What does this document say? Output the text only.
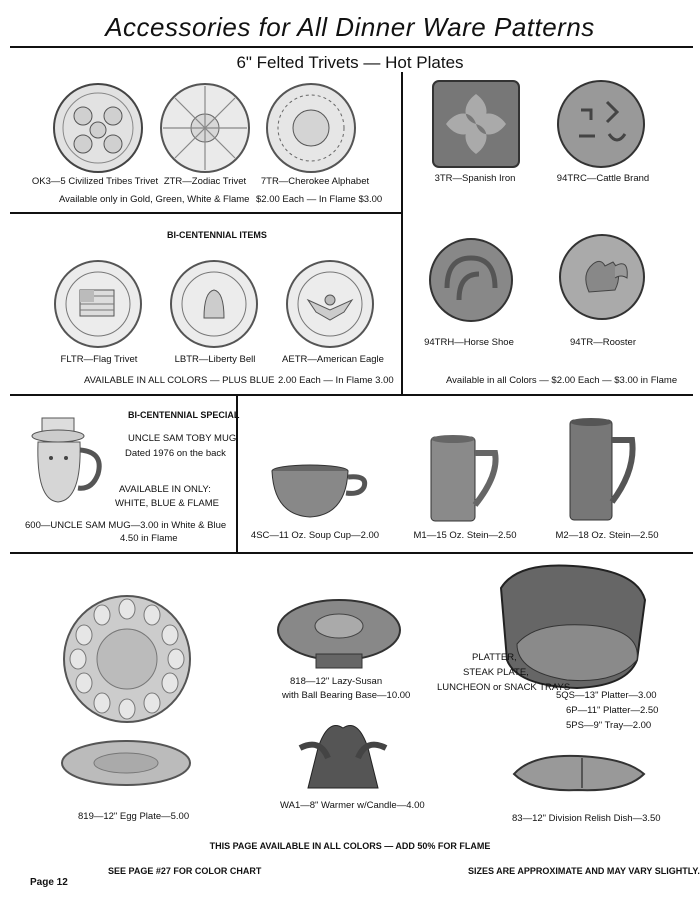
Accessories for All Dinner Ware Patterns
6" Felted Trivets — Hot Plates
OK3—5 Civilized Tribes Trivet ZTR—Zodiac Trivet	7TR—Cherokee Alphabet
Available only in Gold, Green, White & Flame $2.00 Each — In Flame $3.00
BI-CENTENNIAL ITEMS
FLTR—Flag Trivet	LBTR—Liberty Bell	AETR—American Eagle
AVAILABLE IN ALL COLORS — PLUS BLUE 2.00 Each — In Flame 3.00
3TR—Spanish Iron	94TRC—Cattle Brand
94TRH—Horse Shoe	94TR—Rooster
Available in all Colors — $2.00 Each — $3.00 in Flame
BI-CENTENNIAL SPECIAL
UNCLE SAM TOBY MUG
Dated 1976 on the back
AVAILABLE IN ONLY:
WHITE, BLUE & FLAME
600—UNCLE SAM MUG—3.00 in White & Blue
4.50 in Flame	4SC—11 Oz. Soup Cup—2.00	M1—15 Oz. Stein—2.50	M2—18 Oz. Stein—2.50
819—12" Egg Plate—5.00
818—12" Lazy-Susan
with Ball Bearing Base—10.00
WA1—8" Warmer w/Candle—4.00
PLATTER,
STEAK PLATE,
LUNCHEON or SNACK TRAYS
5QS—13" Platter—3.00
6P—11" Platter—2.50
5PS—9" Tray—2.00
83—12" Division Relish Dish—3.50
THIS PAGE AVAILABLE IN ALL COLORS — ADD 50% FOR FLAME
Page 12
SEE PAGE #27 FOR COLOR CHART	SIZES ARE APPROXIMATE AND MAY VARY SLIGHTLY.
